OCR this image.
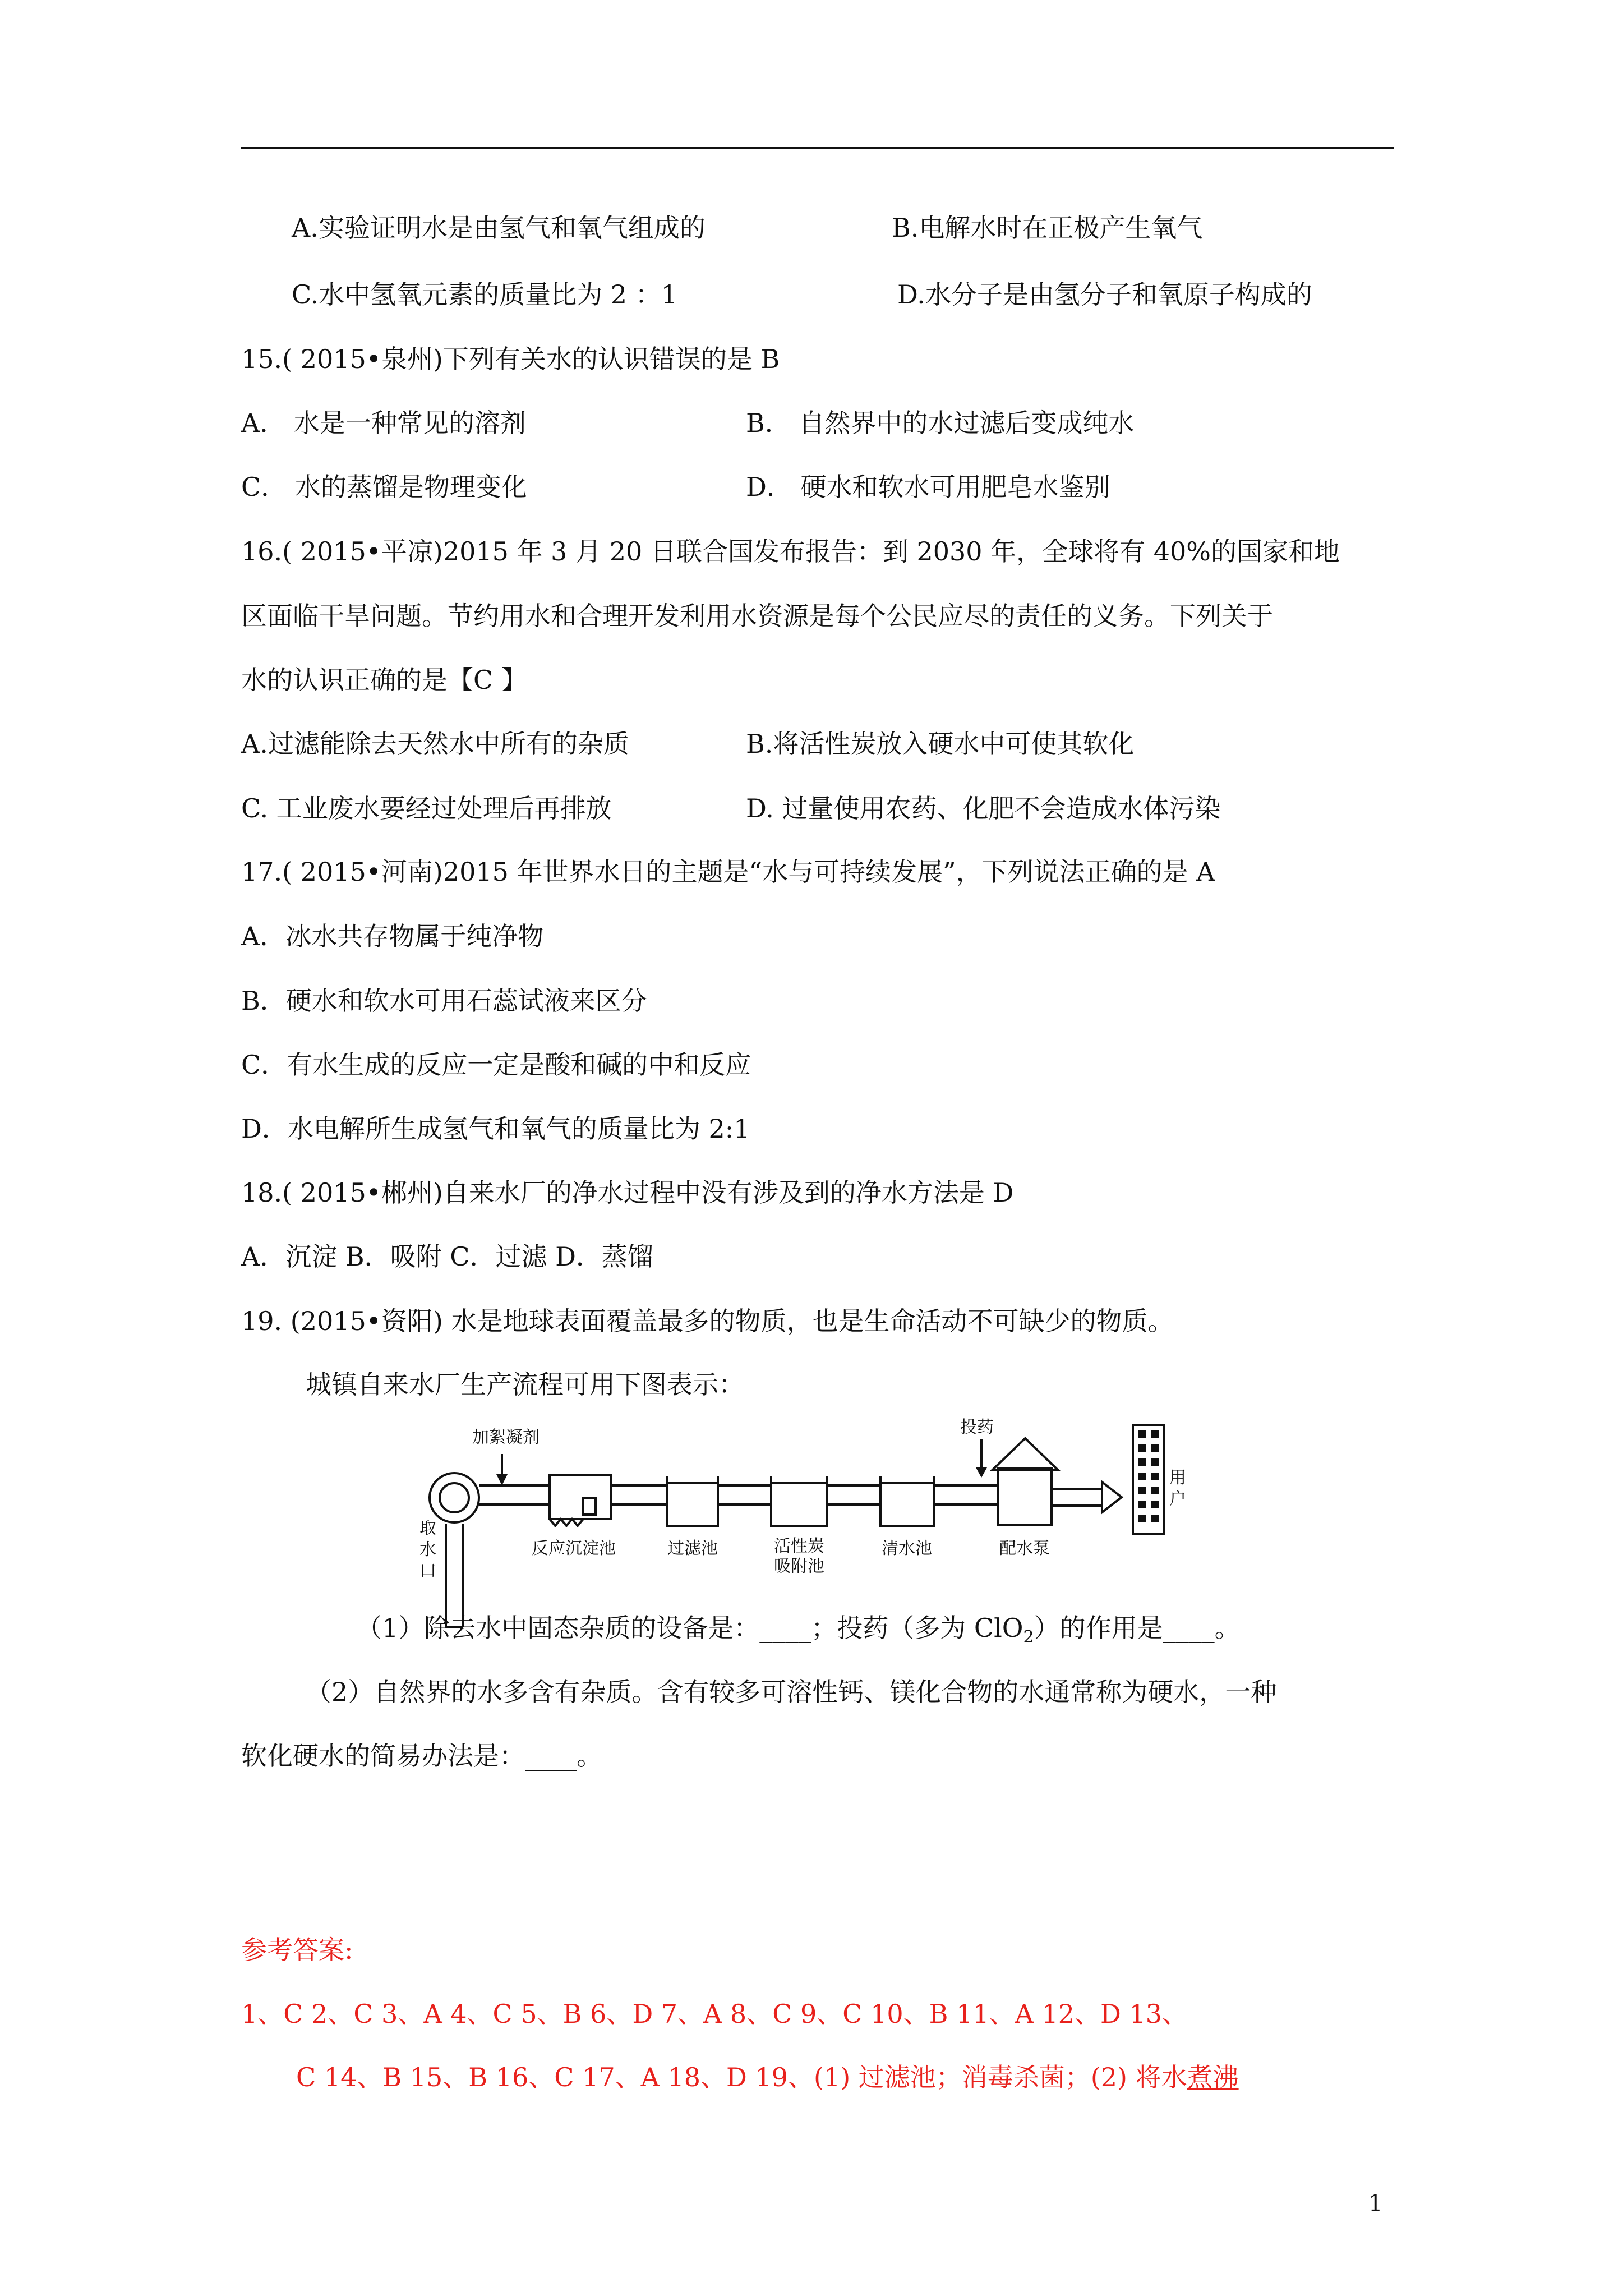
A.实验证明水是由氢气和氧气组成的	B.电解水时在正极产生氧气
C.水中氢氧元素的质量比为 2 ：1	D.水分子是由氢分子和氧原子构成的
15.( 2015•泉州)下列有关水的认识错误的是 B
A． 水是一种常见的溶剂	B． 自然界中的水过滤后变成纯水
C． 水的蒸馏是物理变化	D． 硬水和软水可用肥皂水鉴别
16.( 2015•平凉)2015 年 3 月 20 日联合国发布报告：到 2030 年，全球将有 40%的国家和地
区面临干旱问题。节约用水和合理开发利用水资源是每个公民应尽的责任的义务。下列关于
水的认识正确的是【C 】
A.过滤能除去天然水中所有的杂质	B.将活性炭放入硬水中可使其软化
C. 工业废水要经过处理后再排放	D. 过量使用农药、化肥不会造成水体污染
17.( 2015•河南)2015 年世界水日的主题是“水与可持续发展”，下列说法正确的是 A
A．冰水共存物属于纯净物
B．硬水和软水可用石蕊试液来区分
C．有水生成的反应一定是酸和碱的中和反应
D．水电解所生成氢气和氧气的质量比为 2:1
18.( 2015•郴州)自来水厂的净水过程中没有涉及到的净水方法是 D
A．沉淀 B．吸附 C．过滤 D．蒸馏
19. (2015•资阳) 水是地球表面覆盖最多的物质，也是生命活动不可缺少的物质。
城镇自来水厂生产流程可用下图表示：
加絮凝剂
取
水
口
反应沉淀池	过滤池	活性炭
吸附池
清水池
投药
配水泵
用
户
（1）除去水中固态杂质的设备是：____；投药（多为 ClO$_2$）的作用是____。
（2）自然界的水多含有杂质。含有较多可溶性钙、镁化合物的水通常称为硬水，一种
软化硬水的简易办法是：____。
参考答案:
1、C 2、C 3、A 4、C 5、B 6、D 7、A 8、C 9、C 10、B 11、A 12、D 13、
C 14、B 15、B 16、C 17、A 18、D 19、(1) 过滤池；消毒杀菌；(2) 将水煮沸
1
